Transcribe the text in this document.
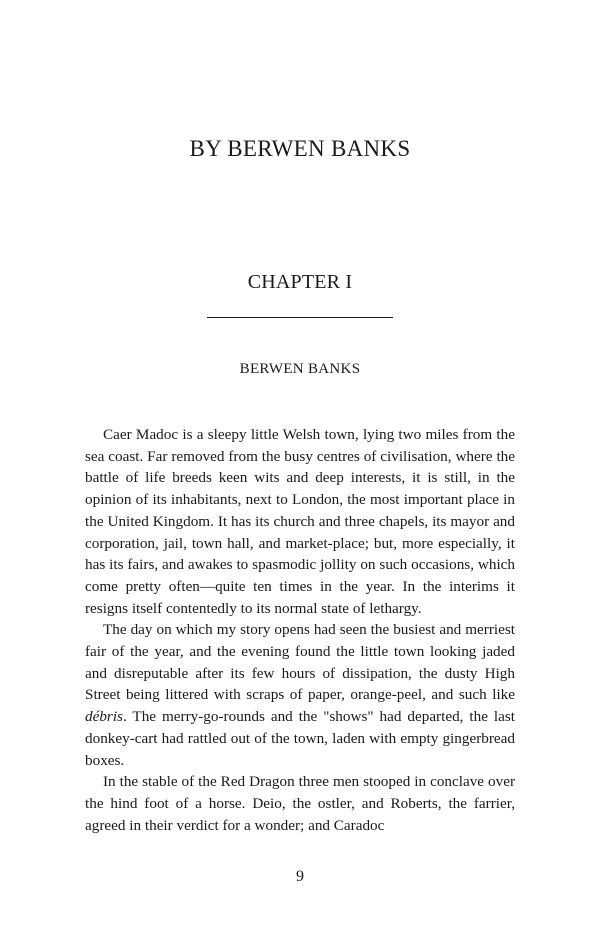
BY BERWEN BANKS
CHAPTER I
BERWEN BANKS

Caer Madoc is a sleepy little Welsh town, lying two miles from the sea coast. Far removed from the busy centres of civilisation, where the battle of life breeds keen wits and deep interests, it is still, in the opinion of its inhabitants, next to London, the most important place in the United Kingdom. It has its church and three chapels, its mayor and corporation, jail, town hall, and market-place; but, more especially, it has its fairs, and awakes to spasmodic jollity on such occasions, which come pretty often—quite ten times in the year. In the interims it resigns itself contentedly to its normal state of lethargy.

The day on which my story opens had seen the busiest and merriest fair of the year, and the evening found the little town looking jaded and disreputable after its few hours of dissipation, the dusty High Street being littered with scraps of paper, orange-peel, and such like débris. The merry-go-rounds and the "shows" had departed, the last donkey-cart had rattled out of the town, laden with empty gingerbread boxes.

In the stable of the Red Dragon three men stooped in conclave over the hind foot of a horse. Deio, the ostler, and Roberts, the farrier, agreed in their verdict for a wonder; and Caradoc

9
